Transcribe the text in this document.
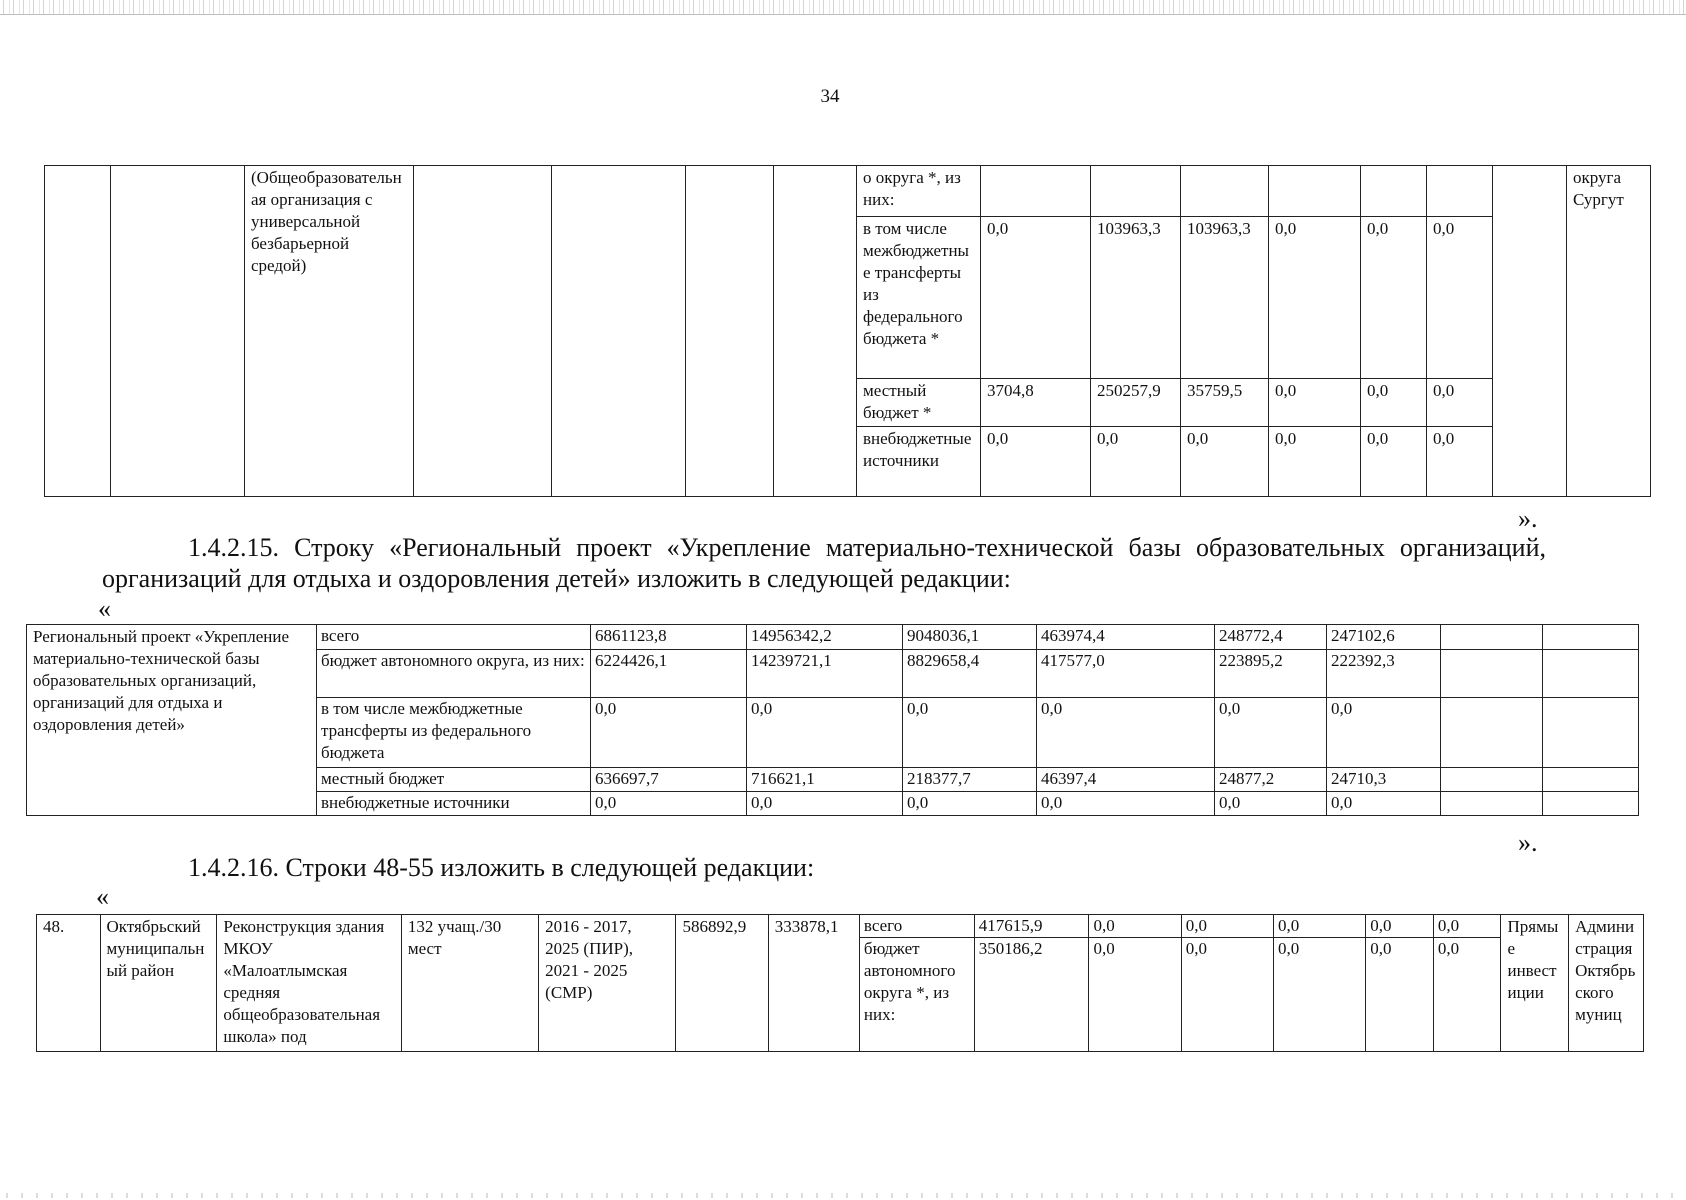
34
		(Общеобразовательная организация с универсальной безбарьерной средой)					о округа *, из них:								округа Сургут
							в том числе межбюджетные трансферты из федерального бюджета *	0,0	103963,3	103963,3	0,0	0,0	0,0		
							местный бюджет *	3704,8	250257,9	35759,5	0,0	0,0	0,0		
							внебюджетные источники	0,0	0,0	0,0	0,0	0,0	0,0		
».
1.4.2.15. Строку «Региональный проект «Укрепление материально-технической базы образовательных организаций, организаций для отдыха и оздоровления детей» изложить в следующей редакции:
«
Региональный проект «Укрепление материально-технической базы образовательных организаций, организаций для отдыха и оздоровления детей»	всего	6861123,8	14956342,2	9048036,1	463974,4	248772,4	247102,6		
	бюджет автономного округа, из них:	6224426,1	14239721,1	8829658,4	417577,0	223895,2	222392,3		
	в том числе межбюджетные трансферты из федерального бюджета	0,0	0,0	0,0	0,0	0,0	0,0		
	местный бюджет	636697,7	716621,1	218377,7	46397,4	24877,2	24710,3		
	внебюджетные источники	0,0	0,0	0,0	0,0	0,0	0,0		
».
1.4.2.16. Строки 48-55 изложить в следующей редакции:
«
48.	Октябрьский муниципальный район	Реконструкция здания МКОУ «Малоатлымская средняя общеобразовательная школа» под	132 учащ./30 мест	2016 - 2017, 2025 (ПИР), 2021 - 2025 (СМР)	586892,9	333878,1	всего	417615,9	0,0	0,0	0,0	0,0	0,0	Прямые инвестиции	Администрация Октябрьского муниц
							бюджет автономного округа *, из них:	350186,2	0,0	0,0	0,0	0,0	0,0		
